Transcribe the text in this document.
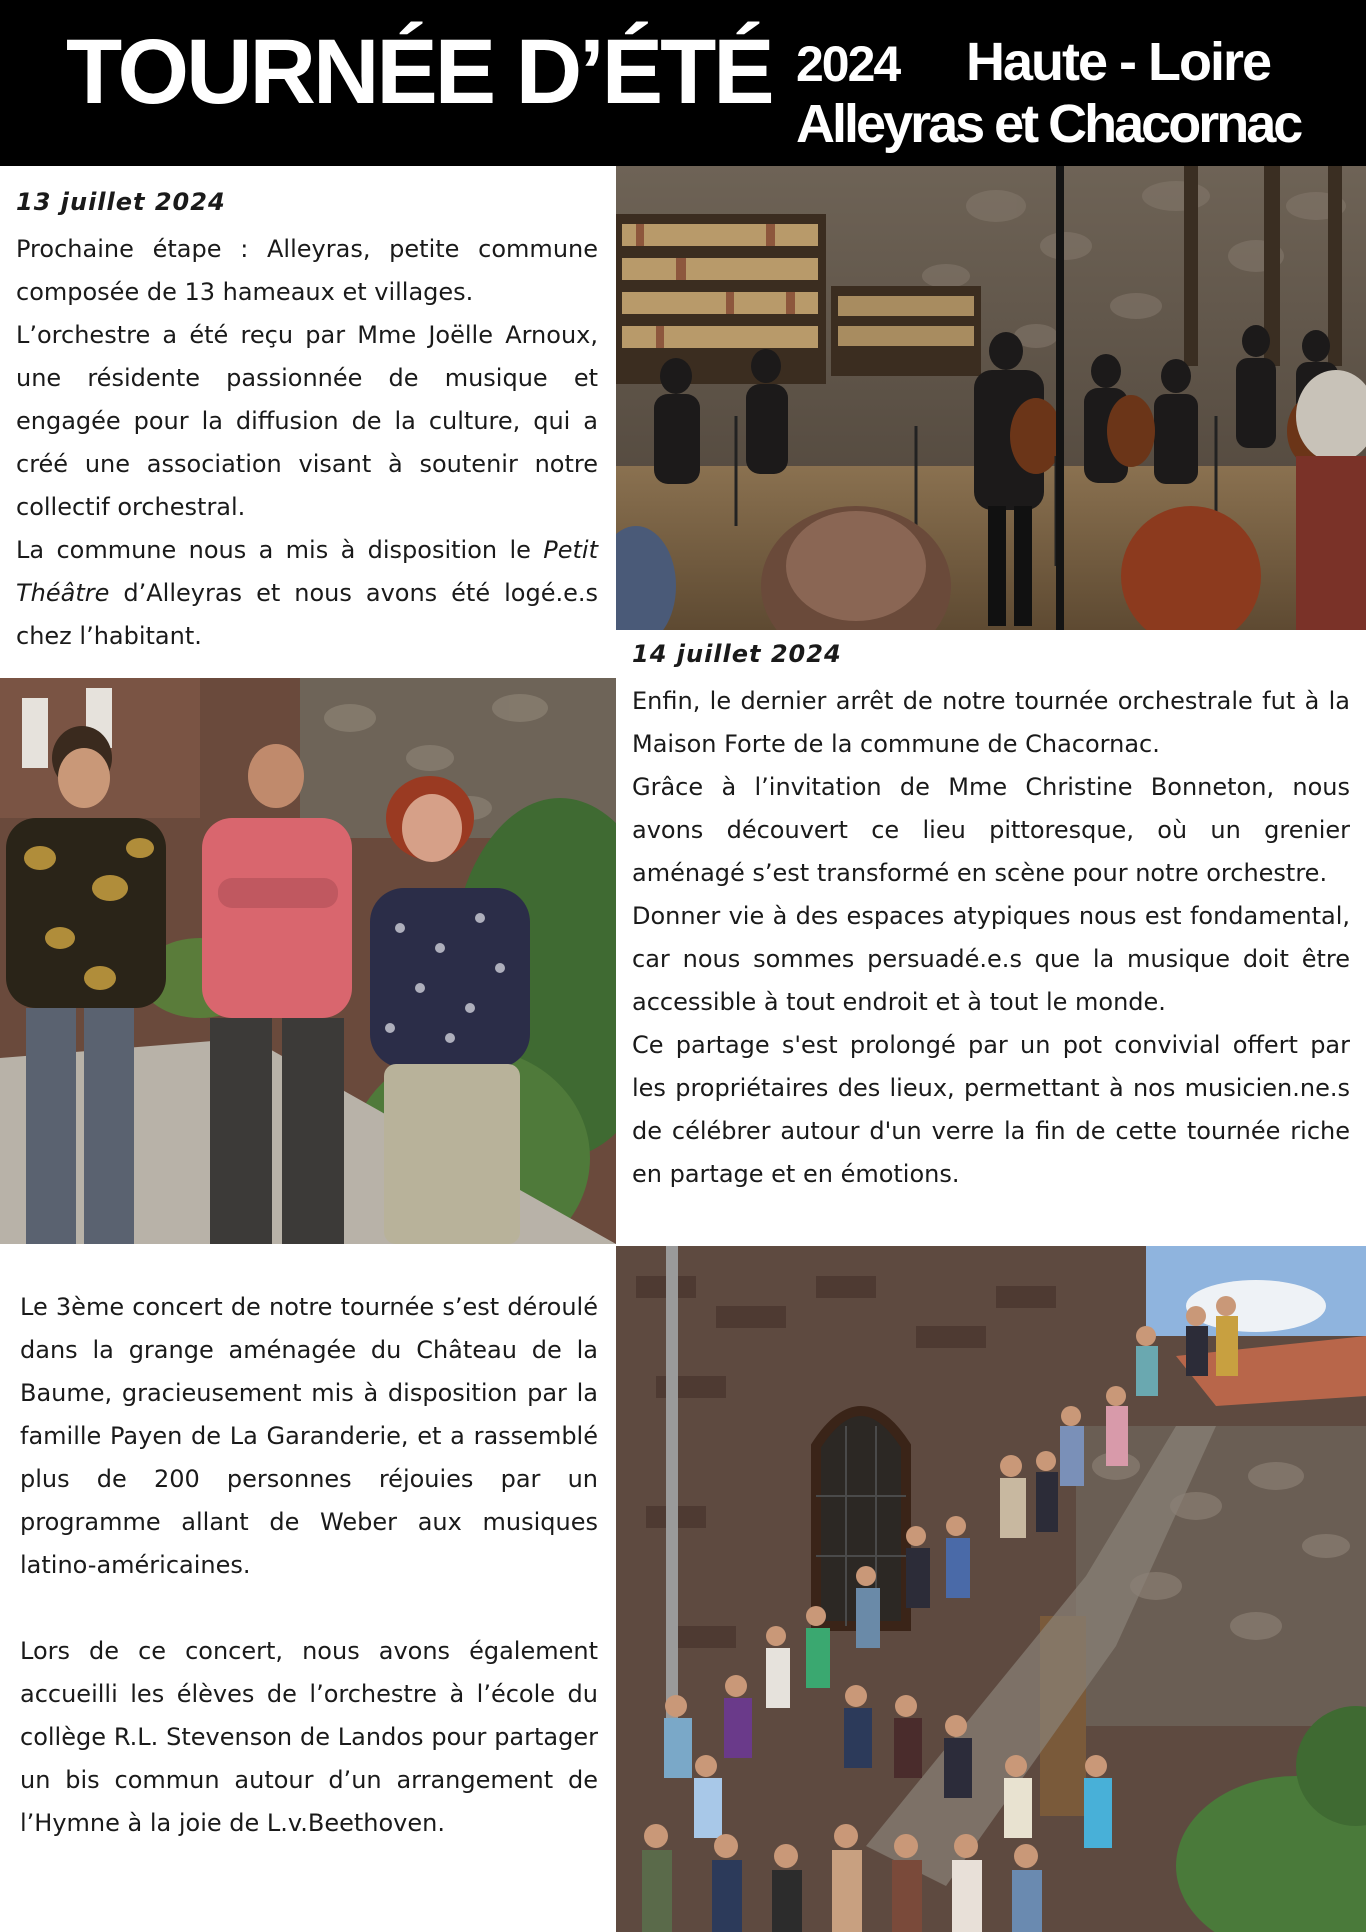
TOURNÉE D’ÉTÉ 2024 Haute - Loire
Alleyras et Chacornac

13 juillet 2024

Prochaine étape : Alleyras, petite commune composée de 13 hameaux et villages.

L’orchestre a été reçu par Mme Joëlle Arnoux, une résidente passionnée de musique et engagée pour la diffusion de la culture, qui a créé une association visant à soutenir notre collectif orchestral.

La commune nous a mis à disposition le Petit Théâtre d’Alleyras et nous avons été logé.e.s chez l’habitant.

14 juillet 2024

Enfin, le dernier arrêt de notre tournée orchestrale fut à la Maison Forte de la commune de Chacornac.

Grâce à l’invitation de Mme Christine Bonneton, nous avons découvert ce lieu pittoresque, où un grenier aménagé s’est transformé en scène pour notre orchestre.

Donner vie à des espaces atypiques nous est fondamental, car nous sommes persuadé.e.s que la musique doit être accessible à tout endroit et à tout le monde.

Ce partage s'est prolongé par un pot convivial offert par les propriétaires des lieux, permettant à nos musicien.ne.s de célébrer autour d'un verre la fin de cette tournée riche en partage et en émotions.

Le 3ème concert de notre tournée s’est déroulé dans la grange aménagée du Château de la Baume, gracieusement mis à disposition par la famille Payen de La Garanderie, et a rassemblé plus de 200 personnes réjouies par un programme allant de Weber aux musiques latino-américaines.

Lors de ce concert, nous avons également accueilli les élèves de l’orchestre à l’école du collège R.L. Stevenson de Landos pour partager un bis commun autour d’un arrangement de l’Hymne à la joie de L.v.Beethoven.
